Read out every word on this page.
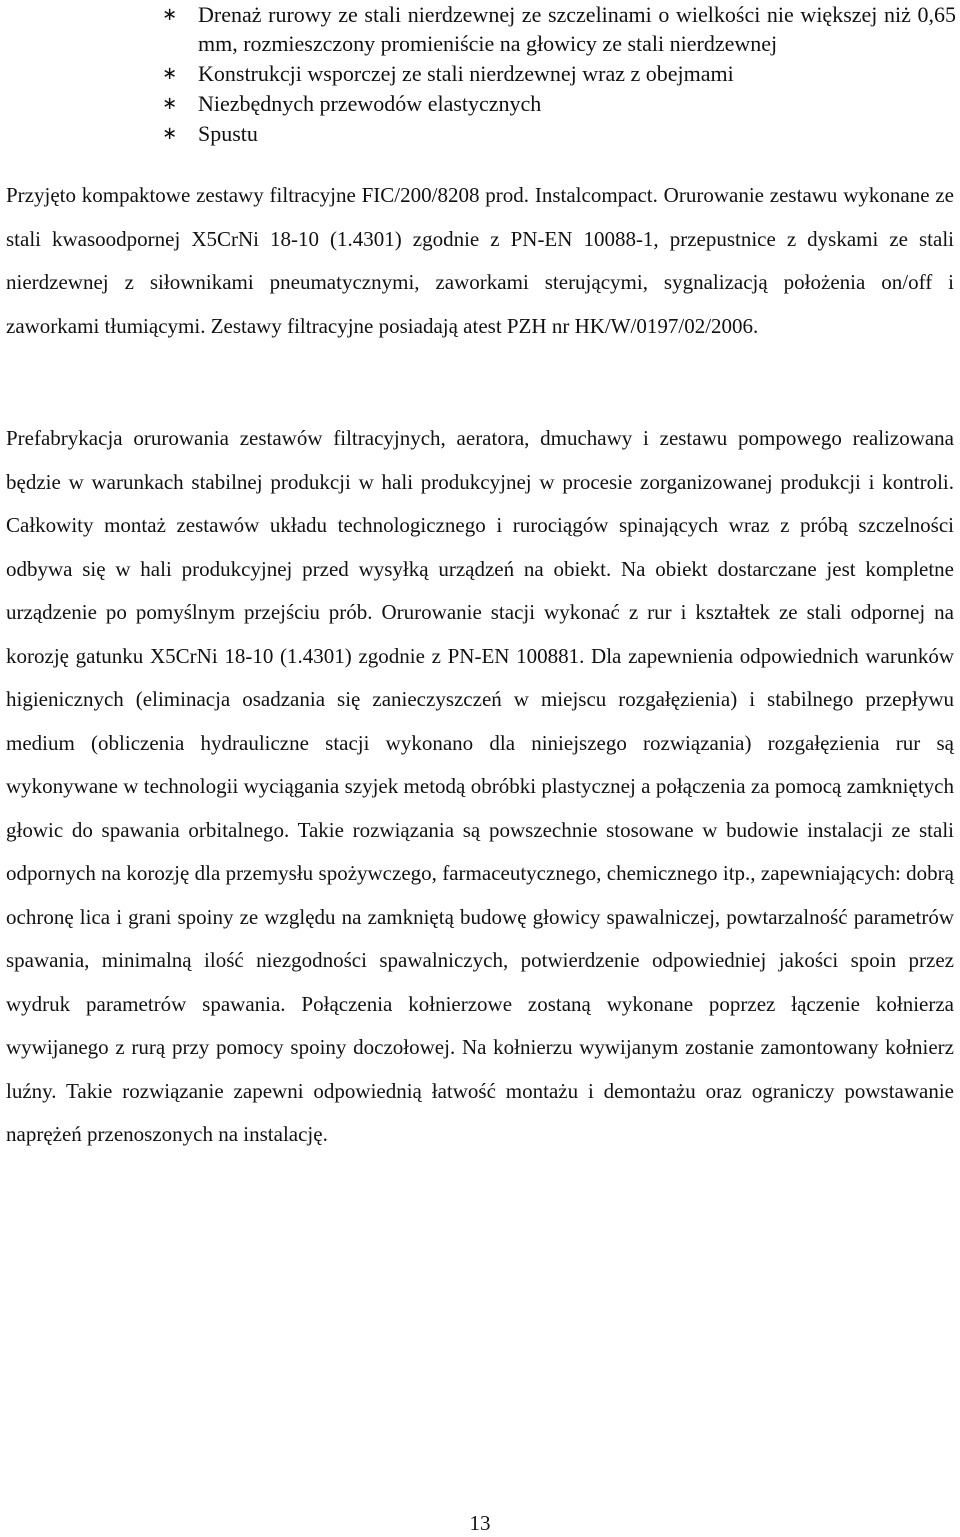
∗ Drenaż rurowy ze stali nierdzewnej ze szczelinami o wielkości nie większej niż 0,65 mm, rozmieszczony promieniście na głowicy ze stali nierdzewnej
∗ Konstrukcji wsporczej ze stali nierdzewnej wraz z obejmami
∗ Niezbędnych przewodów elastycznych
∗ Spustu

Przyjęto kompaktowe zestawy filtracyjne FIC/200/8208 prod. Instalcompact. Orurowanie zestawu wykonane ze stali kwasoodpornej X5CrNi 18-10 (1.4301) zgodnie z PN-EN 10088-1, przepustnice z dyskami ze stali nierdzewnej z siłownikami pneumatycznymi, zaworkami sterującymi, sygnalizacją położenia on/off i zaworkami tłumiącymi. Zestawy filtracyjne posiadają atest PZH nr HK/W/0197/02/2006.

Prefabrykacja orurowania zestawów filtracyjnych, aeratora, dmuchawy i zestawu pompowego realizowana będzie w warunkach stabilnej produkcji w hali produkcyjnej w procesie zorganizowanej produkcji i kontroli. Całkowity montaż zestawów układu technologicznego i rurociągów spinających wraz z próbą szczelności odbywa się w hali produkcyjnej przed wysyłką urządzeń na obiekt. Na obiekt dostarczane jest kompletne urządzenie po pomyślnym przejściu prób. Orurowanie stacji wykonać z rur i kształtek ze stali odpornej na korozję gatunku X5CrNi 18-10 (1.4301) zgodnie z PN-EN 100881. Dla zapewnienia odpowiednich warunków higienicznych (eliminacja osadzania się zanieczyszczeń w miejscu rozgałęzienia) i stabilnego przepływu medium (obliczenia hydrauliczne stacji wykonano dla niniejszego rozwiązania) rozgałęzienia rur są wykonywane w technologii wyciągania szyjek metodą obróbki plastycznej a połączenia za pomocą zamkniętych głowic do spawania orbitalnego. Takie rozwiązania są powszechnie stosowane w budowie instalacji ze stali odpornych na korozję dla przemysłu spożywczego, farmaceutycznego, chemicznego itp., zapewniających: dobrą ochronę lica i grani spoiny ze względu na zamkniętą budowę głowicy spawalniczej, powtarzalność parametrów spawania, minimalną ilość niezgodności spawalniczych, potwierdzenie odpowiedniej jakości spoin przez wydruk parametrów spawania. Połączenia kołnierzowe zostaną wykonane poprzez łączenie kołnierza wywijanego z rurą przy pomocy spoiny doczołowej. Na kołnierzu wywijanym zostanie zamontowany kołnierz luźny. Takie rozwiązanie zapewni odpowiednią łatwość montażu i demontażu oraz ograniczy powstawanie naprężeń przenoszonych na instalację.

13
